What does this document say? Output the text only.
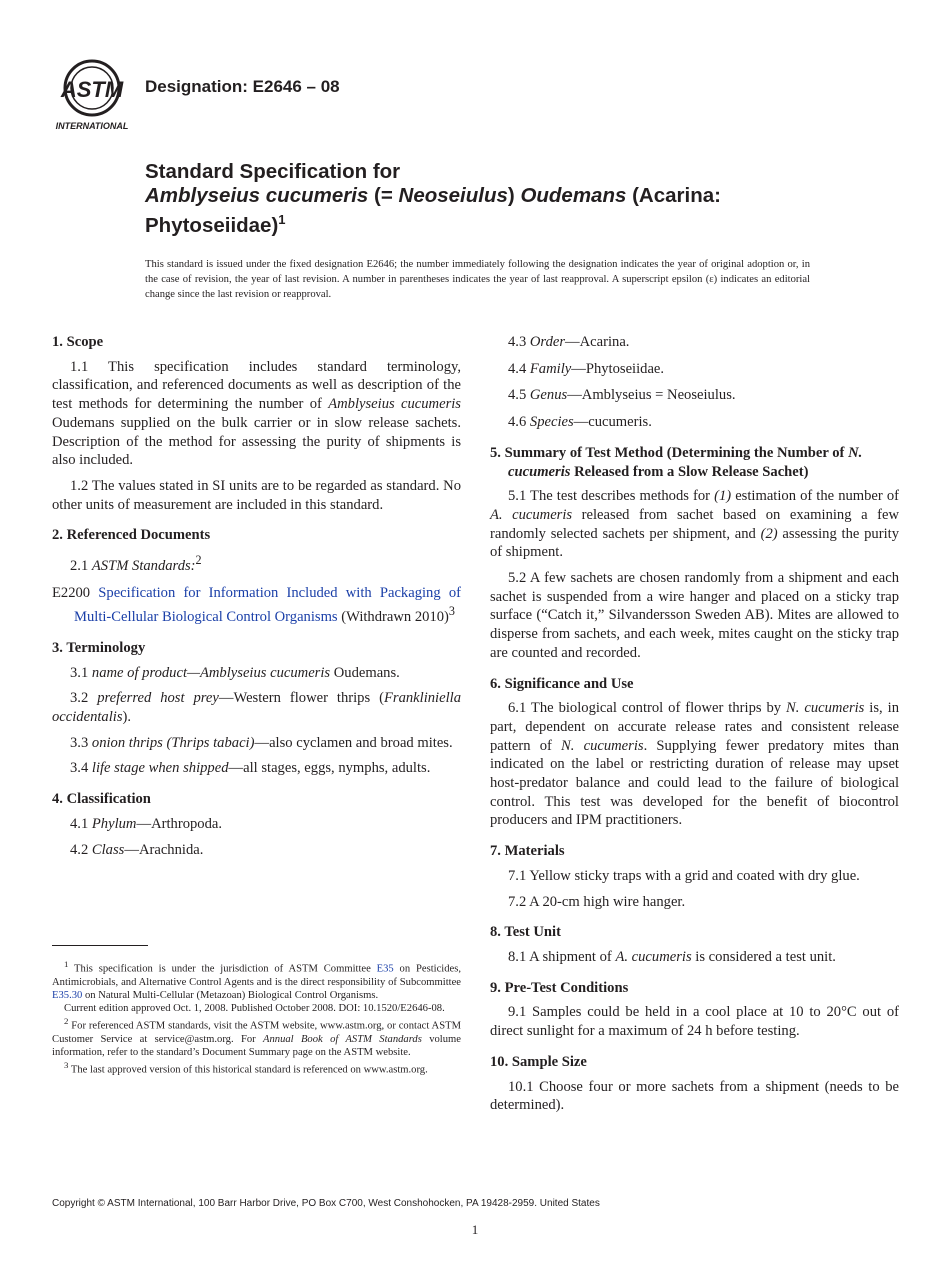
ASTM
INTERNATIONAL
Designation: E2646 – 08
Standard Specification for
Amblyseius cucumeris (= Neoseiulus) Oudemans (Acarina: Phytoseiidae)$^1$
This standard is issued under the fixed designation E2646; the number immediately following the designation indicates the year of original adoption or, in the case of revision, the year of last revision. A number in parentheses indicates the year of last reapproval. A superscript epsilon (ε) indicates an editorial change since the last revision or reapproval.
1. Scope

1.1 This specification includes standard terminology, classification, and referenced documents as well as description of the test methods for determining the number of Amblyseius cucumeris Oudemans supplied on the bulk carrier or in slow release sachets. Description of the method for assessing the purity of shipments is also included.

1.2 The values stated in SI units are to be regarded as standard. No other units of measurement are included in this standard.

2. Referenced Documents

2.1 ASTM Standards:$^2$

E2200 Specification for Information Included with Packaging of Multi-Cellular Biological Control Organisms (Withdrawn 2010)$^3$

3. Terminology

3.1 name of product—Amblyseius cucumeris Oudemans.

3.2 preferred host prey—Western flower thrips (Frankliniella occidentalis).

3.3 onion thrips (Thrips tabaci)—also cyclamen and broad mites.

3.4 life stage when shipped—all stages, eggs, nymphs, adults.

4. Classification

4.1 Phylum—Arthropoda.

4.2 Class—Arachnida.

$^1$ This specification is under the jurisdiction of ASTM Committee E35 on Pesticides, Antimicrobials, and Alternative Control Agents and is the direct responsibility of Subcommittee E35.30 on Natural Multi-Cellular (Metazoan) Biological Control Organisms.

Current edition approved Oct. 1, 2008. Published October 2008. DOI: 10.1520/E2646-08.

$^2$ For referenced ASTM standards, visit the ASTM website, www.astm.org, or contact ASTM Customer Service at service@astm.org. For Annual Book of ASTM Standards volume information, refer to the standard’s Document Summary page on the ASTM website.

$^3$ The last approved version of this historical standard is referenced on www.astm.org.

4.3 Order—Acarina.

4.4 Family—Phytoseiidae.

4.5 Genus—Amblyseius = Neoseiulus.

4.6 Species—cucumeris.

5. Summary of Test Method (Determining the Number of N. cucumeris Released from a Slow Release Sachet)

5.1 The test describes methods for (1) estimation of the number of A. cucumeris released from sachet based on examining a few randomly selected sachets per shipment, and (2) assessing the purity of shipment.

5.2 A few sachets are chosen randomly from a shipment and each sachet is suspended from a wire hanger and placed on a sticky trap surface (“Catch it,” Silvandersson Sweden AB). Mites are allowed to disperse from sachets, and each week, mites caught on the sticky trap are counted and recorded.

6. Significance and Use

6.1 The biological control of flower thrips by N. cucumeris is, in part, dependent on accurate release rates and consistent release pattern of N. cucumeris. Supplying fewer predatory mites than indicated on the label or restricting duration of release may upset host-predator balance and could lead to the failure of biological control. This test was developed for the benefit of biocontrol producers and IPM practitioners.

7. Materials

7.1 Yellow sticky traps with a grid and coated with dry glue.

7.2 A 20-cm high wire hanger.

8. Test Unit

8.1 A shipment of A. cucumeris is considered a test unit.

9. Pre-Test Conditions

9.1 Samples could be held in a cool place at 10 to 20°C out of direct sunlight for a maximum of 24 h before testing.

10. Sample Size

10.1 Choose four or more sachets from a shipment (needs to be determined).

Copyright © ASTM International, 100 Barr Harbor Drive, PO Box C700, West Conshohocken, PA 19428-2959. United States
1
